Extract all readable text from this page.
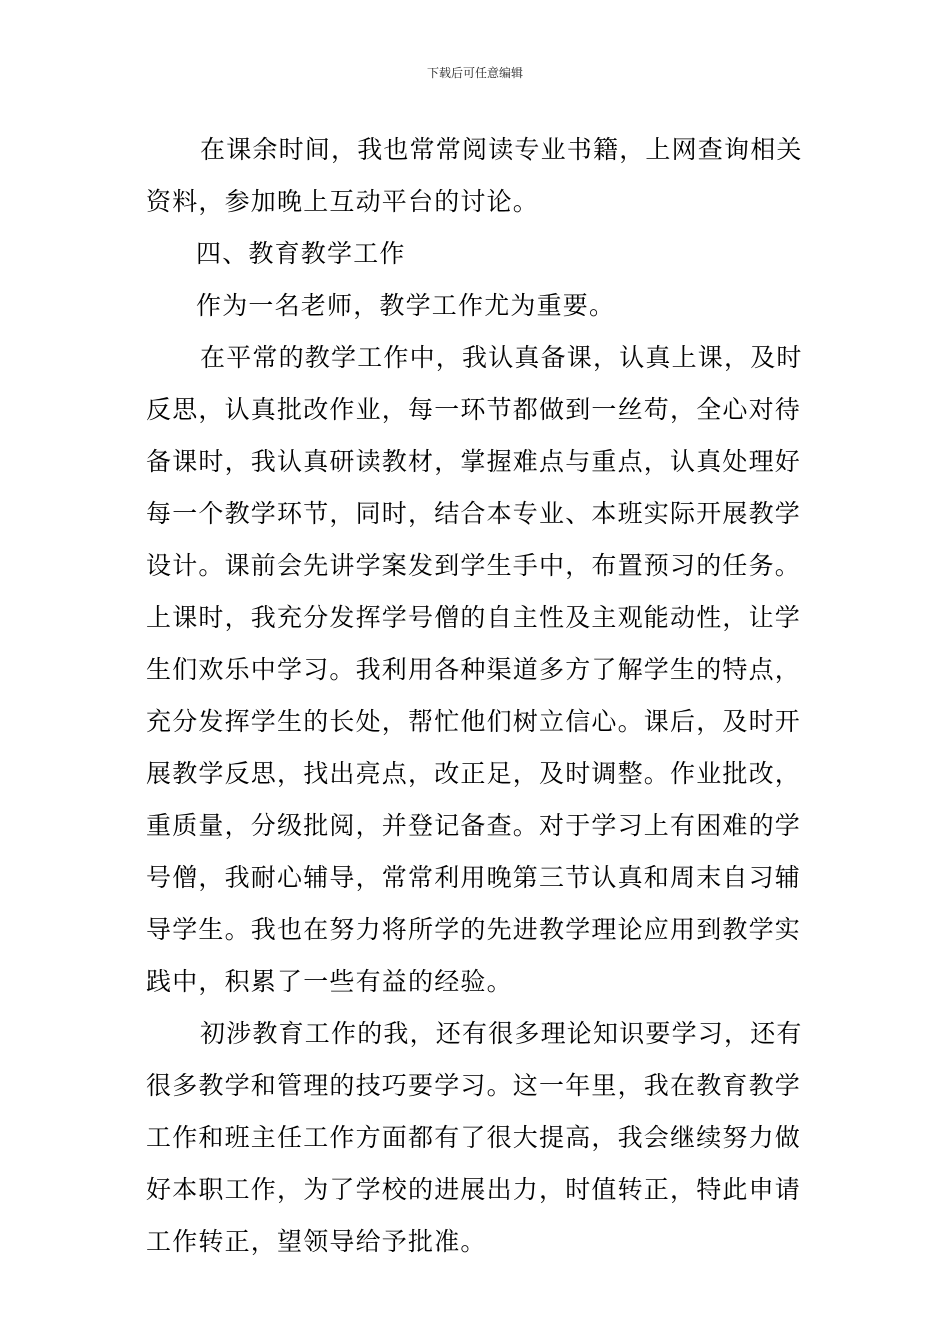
下载后可任意编辑

在课余时间，我也常常阅读专业书籍，上网查询相关资料，参加晚上互动平台的讨论。

四、教育教学工作

作为一名老师，教学工作尤为重要。

在平常的教学工作中，我认真备课，认真上课，及时反思，认真批改作业，每一环节都做到一丝苟，全心对待备课时，我认真研读教材，掌握难点与重点，认真处理好每一个教学环节，同时，结合本专业、本班实际开展教学设计。课前会先讲学案发到学生手中，布置预习的任务。上课时，我充分发挥学号僧的自主性及主观能动性，让学生们欢乐中学习。我利用各种渠道多方了解学生的特点，充分发挥学生的长处，帮忙他们树立信心。课后，及时开展教学反思，找出亮点，改正足，及时调整。作业批改，重质量，分级批阅，并登记备查。对于学习上有困难的学号僧，我耐心辅导，常常利用晚第三节认真和周末自习辅导学生。我也在努力将所学的先进教学理论应用到教学实践中，积累了一些有益的经验。

初涉教育工作的我，还有很多理论知识要学习，还有很多教学和管理的技巧要学习。这一年里，我在教育教学工作和班主任工作方面都有了很大提高，我会继续努力做好本职工作，为了学校的进展出力，时值转正，特此申请工作转正，望领导给予批准。
